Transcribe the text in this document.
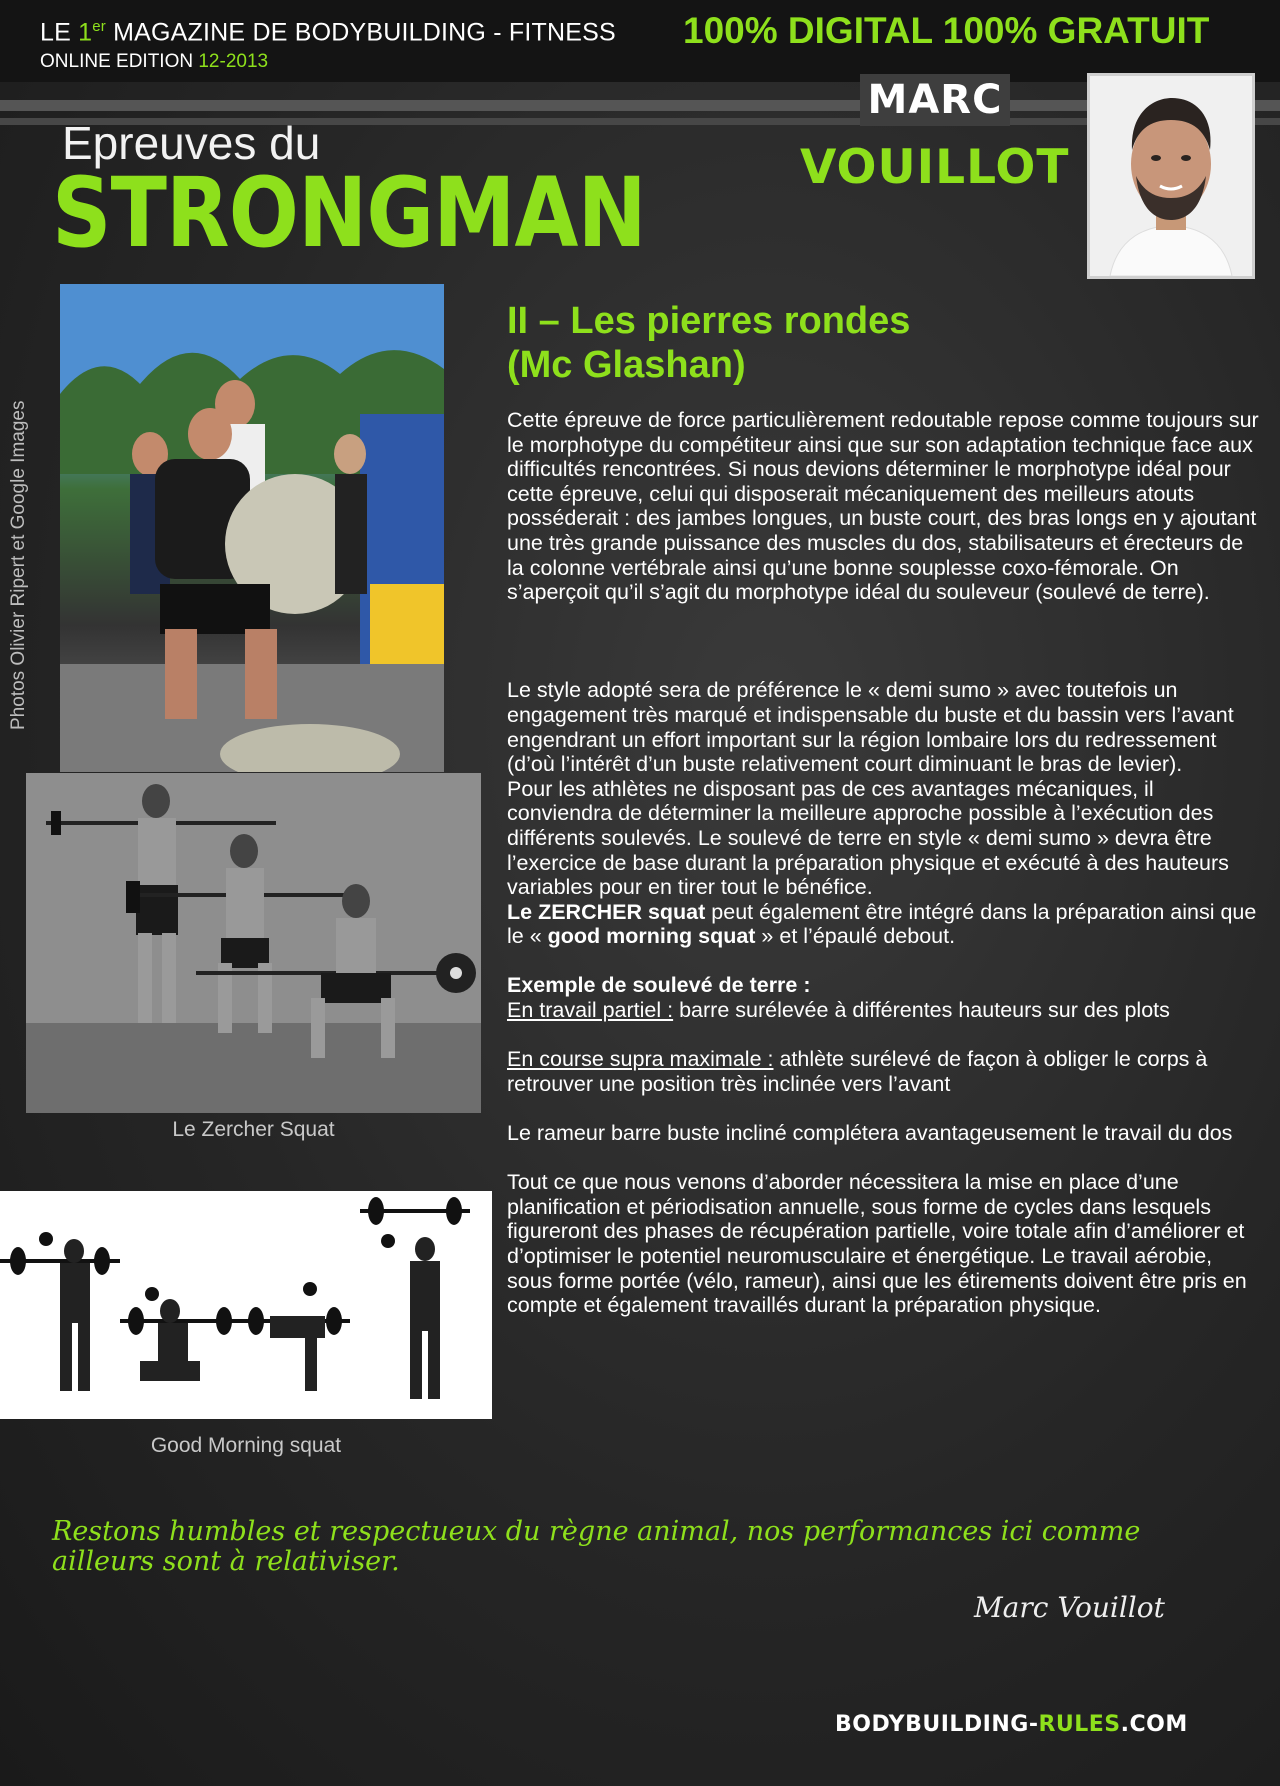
LE 1er MAGAZINE DE BODYBUILDING - FITNESS 100% DIGITAL 100% GRATUIT
ONLINE EDITION 12-2013
MARC
VOUILLOT
Epreuves du
STRONGMAN
Photos Olivier Ripert et Google Images
Le Zercher Squat
Good Morning squat
II – Les pierres rondes
(Mc Glashan)

Cette épreuve de force particulièrement redoutable repose comme toujours sur le morphotype du compétiteur ainsi que sur son adaptation technique face aux difficultés rencontrées. Si nous devions déterminer le morphotype idéal pour cette épreuve, celui qui disposerait mécaniquement des meilleurs atouts posséderait : des jambes longues, un buste court, des bras longs en y ajoutant une très grande puissance des muscles du dos, stabilisateurs et érecteurs de la colonne vertébrale ainsi qu’une bonne souplesse coxo-fémorale. On s’aperçoit qu’il s’agit du morphotype idéal du souleveur (soulevé de terre).

Le style adopté sera de préférence le « demi sumo » avec toutefois un engagement très marqué et indispensable du buste et du bassin vers l’avant engendrant un effort important sur la région lombaire lors du redressement (d’où l’intérêt d’un buste relativement court diminuant le bras de levier).

Pour les athlètes ne disposant pas de ces avantages mécaniques, il conviendra de déterminer la meilleure approche possible à l’exécution des différents soulevés. Le soulevé de terre en style « demi sumo » devra être l’exercice de base durant la préparation physique et exécuté à des hauteurs variables pour en tirer tout le bénéfice.

Le ZERCHER squat peut également être intégré dans la préparation ainsi que le « good morning squat » et l’épaulé debout.

Exemple de soulevé de terre :

En travail partiel : barre surélevée à différentes hauteurs sur des plots

En course supra maximale : athlète surélevé de façon à obliger le corps à retrouver une position très inclinée vers l’avant

Le rameur barre buste incliné complétera avantageusement le travail du dos

Tout ce que nous venons d’aborder nécessitera la mise en place d’une planification et périodisation annuelle, sous forme de cycles dans lesquels figureront des phases de récupération partielle, voire totale afin d’améliorer et d’optimiser le potentiel neuromusculaire et énergétique. Le travail aérobie, sous forme portée (vélo, rameur), ainsi que les étirements doivent être pris en compte et également travaillés durant la préparation physique.

Restons humbles et respectueux du règne animal, nos performances ici comme ailleurs sont à relativiser.
Marc Vouillot
BODYBUILDING-RULES.COM
